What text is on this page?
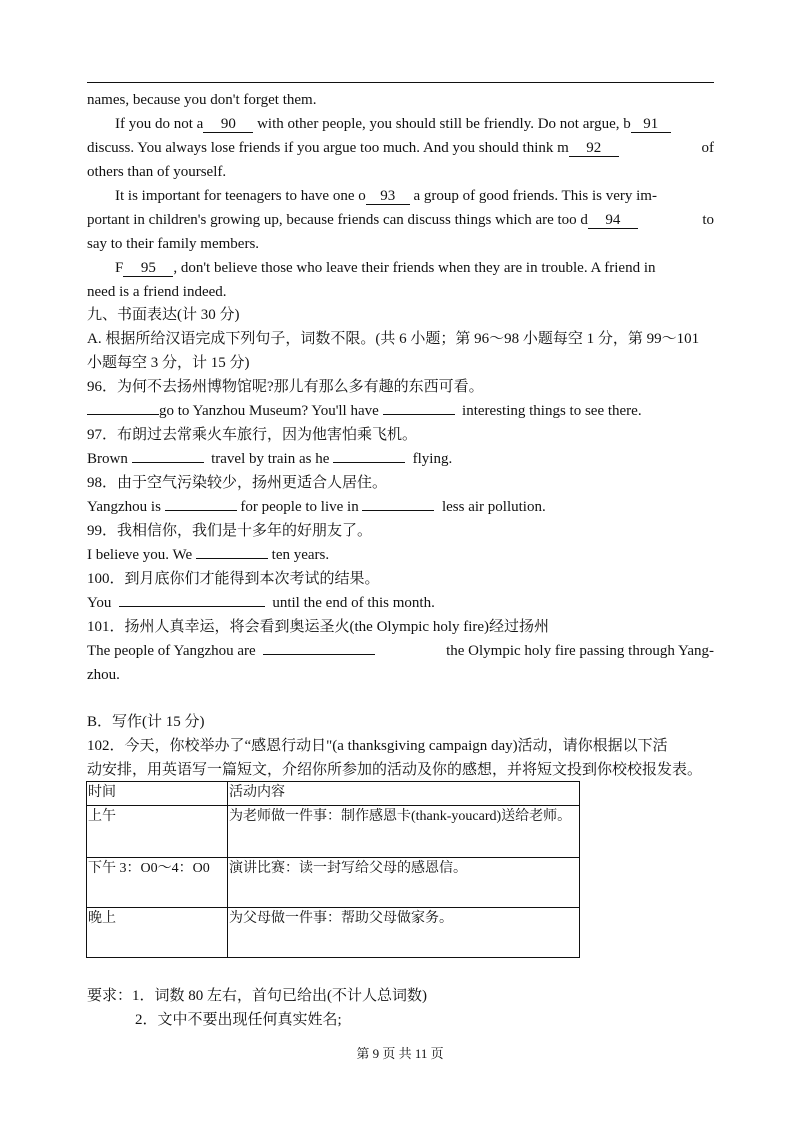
names, because you don't forget them.
If you do not a 90 with other people, you should still be friendly. Do not argue, b 91
discuss. You always lose friends if you argue too much. And you should think m 92	of
others than of yourself.
It is important for teenagers to have one o 93 a group of good friends. This is very im-
portant in children's growing up, because friends can discuss things which are too d 94	to
say to their family members.
F 95 , don't believe those who leave their friends when they are in trouble. A friend in
need is a friend indeed.
九、书面表达(计 30 分)
A. 根据所给汉语完成下列句子，词数不限。(共 6 小题；第 96～98 小题每空 1 分，第 99～101
小题每空 3 分，计 15 分)
96．为何不去扬州博物馆呢?那儿有那么多有趣的东西可看。
go to Yanzhou Museum? You'll have	interesting things to see there.
97．布朗过去常乘火车旅行，因为他害怕乘飞机。
Brown	travel by train as he	flying.
98．由于空气污染较少，扬州更适合人居住。
Yangzhou is	for people to live in	less air pollution.
99．我相信你，我们是十多年的好朋友了。
I believe you. We	ten years.
100．到月底你们才能得到本次考试的结果。
You	until the end of this month.
101．扬州人真幸运，将会看到奥运圣火(the Olympic holy fire)经过扬州
The people of Yangzhou are	the Olympic holy fire passing through Yang-
zhou.
B．写作(计 15 分)
102．今天，你校举办了“感恩行动日"(a thanksgiving campaign day)活动，请你根据以下活
动安排，用英语写一篇短文，介绍你所参加的活动及你的感想，并将短文投到你校校报发表。
时间	活动内容
上午	为老师做一件事：制作感恩卡(thank-youcard)送给老师。
下午 3：O0～4：O0	演讲比赛：读一封写给父母的感恩信。
晚上	为父母做一件事：帮助父母做家务。
要求：1．词数 80 左右，首句已给出(不计人总词数)
2．文中不要出现任何真实姓名;
第 9 页 共 11 页
